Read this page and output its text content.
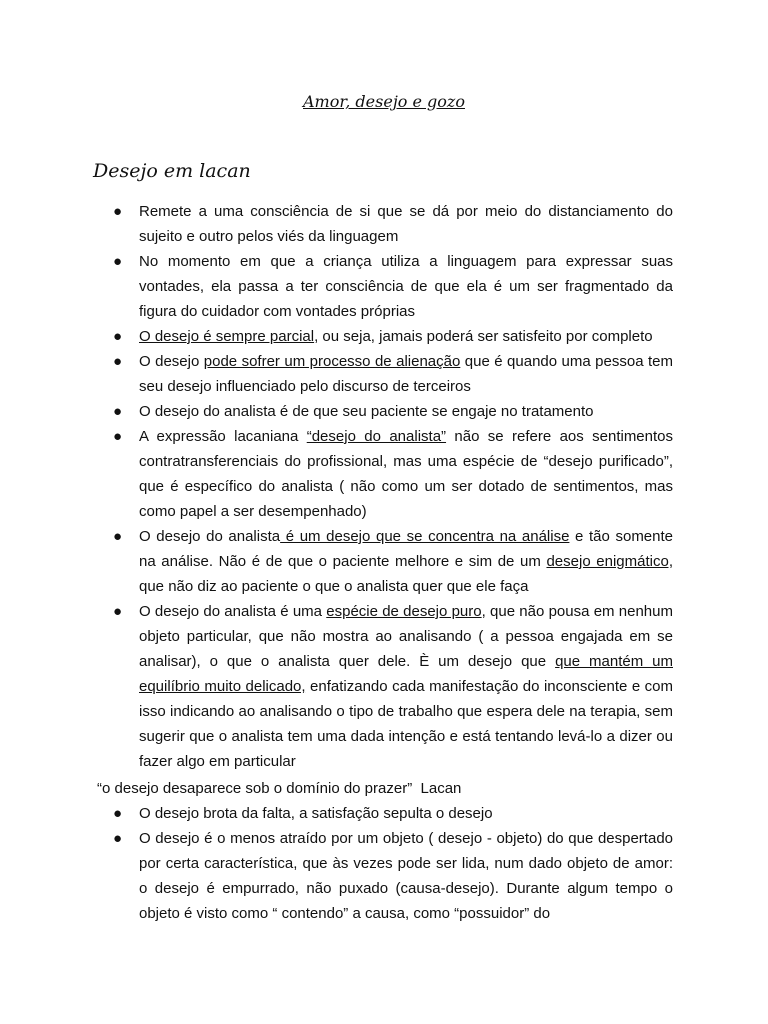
Amor, desejo e gozo
Desejo em lacan
● Remete a uma consciência de si que se dá por meio do distanciamento do sujeito e outro pelos viés da linguagem

● No momento em que a criança utiliza a linguagem para expressar suas vontades, ela passa a ter consciência de que ela é um ser fragmentado da figura do cuidador com vontades próprias

● O desejo é sempre parcial, ou seja, jamais poderá ser satisfeito por completo

● O desejo pode sofrer um processo de alienação que é quando uma pessoa tem seu desejo influenciado pelo discurso de terceiros

● O desejo do analista é de que seu paciente se engaje no tratamento

● A expressão lacaniana “desejo do analista” não se refere aos sentimentos contratransferenciais do profissional, mas uma espécie de “desejo purificado”, que é específico do analista ( não como um ser dotado de sentimentos, mas como papel a ser desempenhado)

● O desejo do analista é um desejo que se concentra na análise e tão somente na análise. Não é de que o paciente melhore e sim de um desejo enigmático, que não diz ao paciente o que o analista quer que ele faça

● O desejo do analista é uma espécie de desejo puro, que não pousa em nenhum objeto particular, que não mostra ao analisando ( a pessoa engajada em se analisar), o que o analista quer dele. È um desejo que que mantém um equilíbrio muito delicado, enfatizando cada manifestação do inconsciente e com isso indicando ao analisando o tipo de trabalho que espera dele na terapia, sem sugerir que o analista tem uma dada intenção e está tentando levá-lo a dizer ou fazer algo em particular

“o desejo desaparece sob o domínio do prazer”  Lacan
● O desejo brota da falta, a satisfação sepulta o desejo

● O desejo é o menos atraído por um objeto ( desejo - objeto) do que despertado por certa característica, que às vezes pode ser lida, num dado objeto de amor: o desejo é empurrado, não puxado (causa-desejo). Durante algum tempo o objeto é visto como “ contendo” a causa, como “possuidor” do
